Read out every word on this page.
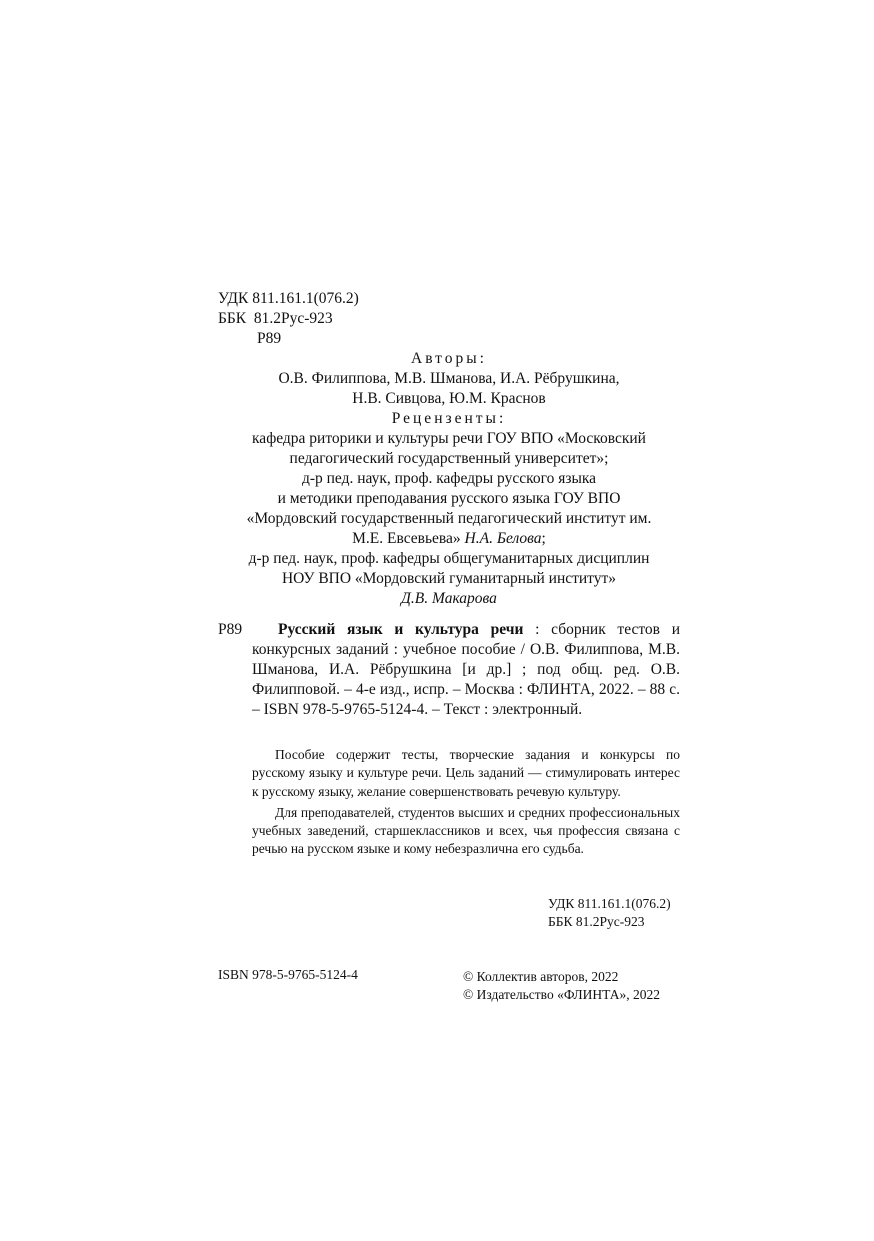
УДК 811.161.1(076.2)
ББК  81.2Рус-923
Р89
Авторы:
О.В. Филиппова, М.В. Шманова, И.А. Рёбрушкина,
Н.В. Сивцова, Ю.М. Краснов
Рецензенты:
кафедра риторики и культуры речи ГОУ ВПО «Московский
педагогический государственный университет»;
д-р пед. наук, проф. кафедры русского языка
и методики преподавания русского языка ГОУ ВПО
«Мордовский государственный педагогический институт им.
М.Е. Евсевьева» Н.А. Белова;
д-р пед. наук, проф. кафедры общегуманитарных дисциплин
НОУ ВПО «Мордовский гуманитарный институт»
Д.В. Макарова
Р89	Русский язык и культура речи : сборник тестов и конкурсных заданий : учебное пособие / О.В. Филиппова, М.В. Шманова, И.А. Рёбрушкина [и др.] ; под общ. ред. О.В. Филипповой. – 4-е изд., испр. – Москва : ФЛИНТА, 2022. – 88 с. – ISBN 978-5-9765-5124-4. – Текст : электронный.

Пособие содержит тесты, творческие задания и конкурсы по русскому языку и культуре речи. Цель заданий — стимулировать интерес к русскому языку, желание совершенствовать речевую культуру.

Для преподавателей, студентов высших и средних профессиональных учебных заведений, старшеклассников и всех, чья профессия связана с речью на русском языке и кому небезразлична его судьба.

УДК 811.161.1(076.2)
ББК 81.2Рус-923
ISBN 978-5-9765-5124-4	© Коллектив авторов, 2022
© Издательство «ФЛИНТА», 2022
